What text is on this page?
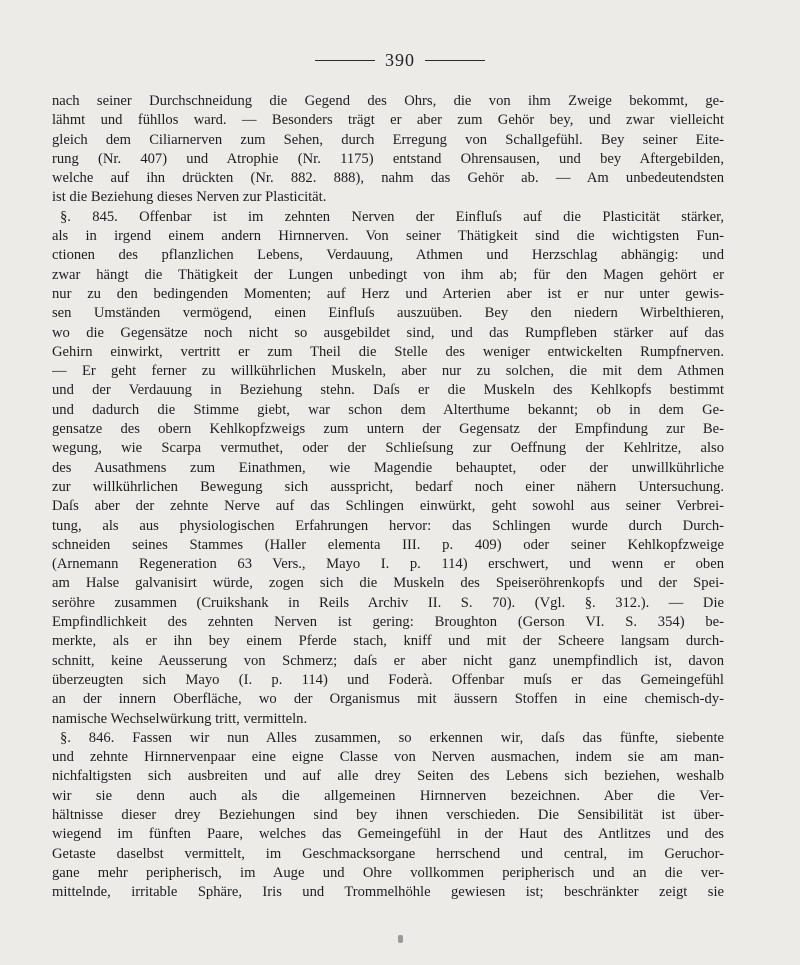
390
nach seiner Durchschneidung die Gegend des Ohrs, die von ihm Zweige bekommt, ge-
lähmt und fühllos ward. — Besonders trägt er aber zum Gehör bey, und zwar vielleicht
gleich dem Ciliarnerven zum Sehen, durch Erregung von Schallgefühl. Bey seiner Eite-
rung (Nr. 407) und Atrophie (Nr. 1175) entstand Ohrensausen, und bey Aftergebilden,
welche auf ihn drückten (Nr. 882. 888), nahm das Gehör ab. — Am unbedeutendsten
ist die Beziehung dieses Nerven zur Plasticität.
§. 845. Offenbar ist im zehnten Nerven der Einfluſs auf die Plasticität stärker,
als in irgend einem andern Hirnnerven. Von seiner Thätigkeit sind die wichtigsten Fun-
ctionen des pflanzlichen Lebens, Verdauung, Athmen und Herzschlag abhängig: und
zwar hängt die Thätigkeit der Lungen unbedingt von ihm ab; für den Magen gehört er
nur zu den bedingenden Momenten; auf Herz und Arterien aber ist er nur unter gewis-
sen Umständen vermögend, einen Einfluſs auszuüben. Bey den niedern Wirbelthieren,
wo die Gegensätze noch nicht so ausgebildet sind, und das Rumpfleben stärker auf das
Gehirn einwirkt, vertritt er zum Theil die Stelle des weniger entwickelten Rumpfnerven.
— Er geht ferner zu willkührlichen Muskeln, aber nur zu solchen, die mit dem Athmen
und der Verdauung in Beziehung stehn. Daſs er die Muskeln des Kehlkopfs bestimmt
und dadurch die Stimme giebt, war schon dem Alterthume bekannt; ob in dem Ge-
gensatze des obern Kehlkopfzweigs zum untern der Gegensatz der Empfindung zur Be-
wegung, wie Scarpa vermuthet, oder der Schlieſsung zur Oeffnung der Kehlritze, also
des Ausathmens zum Einathmen, wie Magendie behauptet, oder der unwillkührliche
zur willkührlichen Bewegung sich ausspricht, bedarf noch einer nähern Untersuchung.
Daſs aber der zehnte Nerve auf das Schlingen einwürkt, geht sowohl aus seiner Verbrei-
tung, als aus physiologischen Erfahrungen hervor: das Schlingen wurde durch Durch-
schneiden seines Stammes (Haller elementa III. p. 409) oder seiner Kehlkopfzweige
(Arnemann Regeneration 63 Vers., Mayo I. p. 114) erschwert, und wenn er oben
am Halse galvanisirt würde, zogen sich die Muskeln des Speiseröhrenkopfs und der Spei-
seröhre zusammen (Cruikshank in Reils Archiv II. S. 70). (Vgl. §. 312.). — Die
Empfindlichkeit des zehnten Nerven ist gering: Broughton (Gerson VI. S. 354) be-
merkte, als er ihn bey einem Pferde stach, kniff und mit der Scheere langsam durch-
schnitt, keine Aeusserung von Schmerz; daſs er aber nicht ganz unempfindlich ist, davon
überzeugten sich Mayo (I. p. 114) und Foderà. Offenbar muſs er das Gemeingefühl
an der innern Oberfläche, wo der Organismus mit äussern Stoffen in eine chemisch-dy-
namische Wechselwürkung tritt, vermitteln.
§. 846. Fassen wir nun Alles zusammen, so erkennen wir, daſs das fünfte, siebente
und zehnte Hirnnervenpaar eine eigne Classe von Nerven ausmachen, indem sie am man-
nichfaltigsten sich ausbreiten und auf alle drey Seiten des Lebens sich beziehen, weshalb
wir sie denn auch als die allgemeinen Hirnnerven bezeichnen. Aber die Ver-
hältnisse dieser drey Beziehungen sind bey ihnen verschieden. Die Sensibilität ist über-
wiegend im fünften Paare, welches das Gemeingefühl in der Haut des Antlitzes und des
Getaste daselbst vermittelt, im Geschmacksorgane herrschend und central, im Geruchor-
gane mehr peripherisch, im Auge und Ohre vollkommen peripherisch und an die ver-
mittelnde, irritable Sphäre, Iris und Trommelhöhle gewiesen ist; beschränkter zeigt sie
